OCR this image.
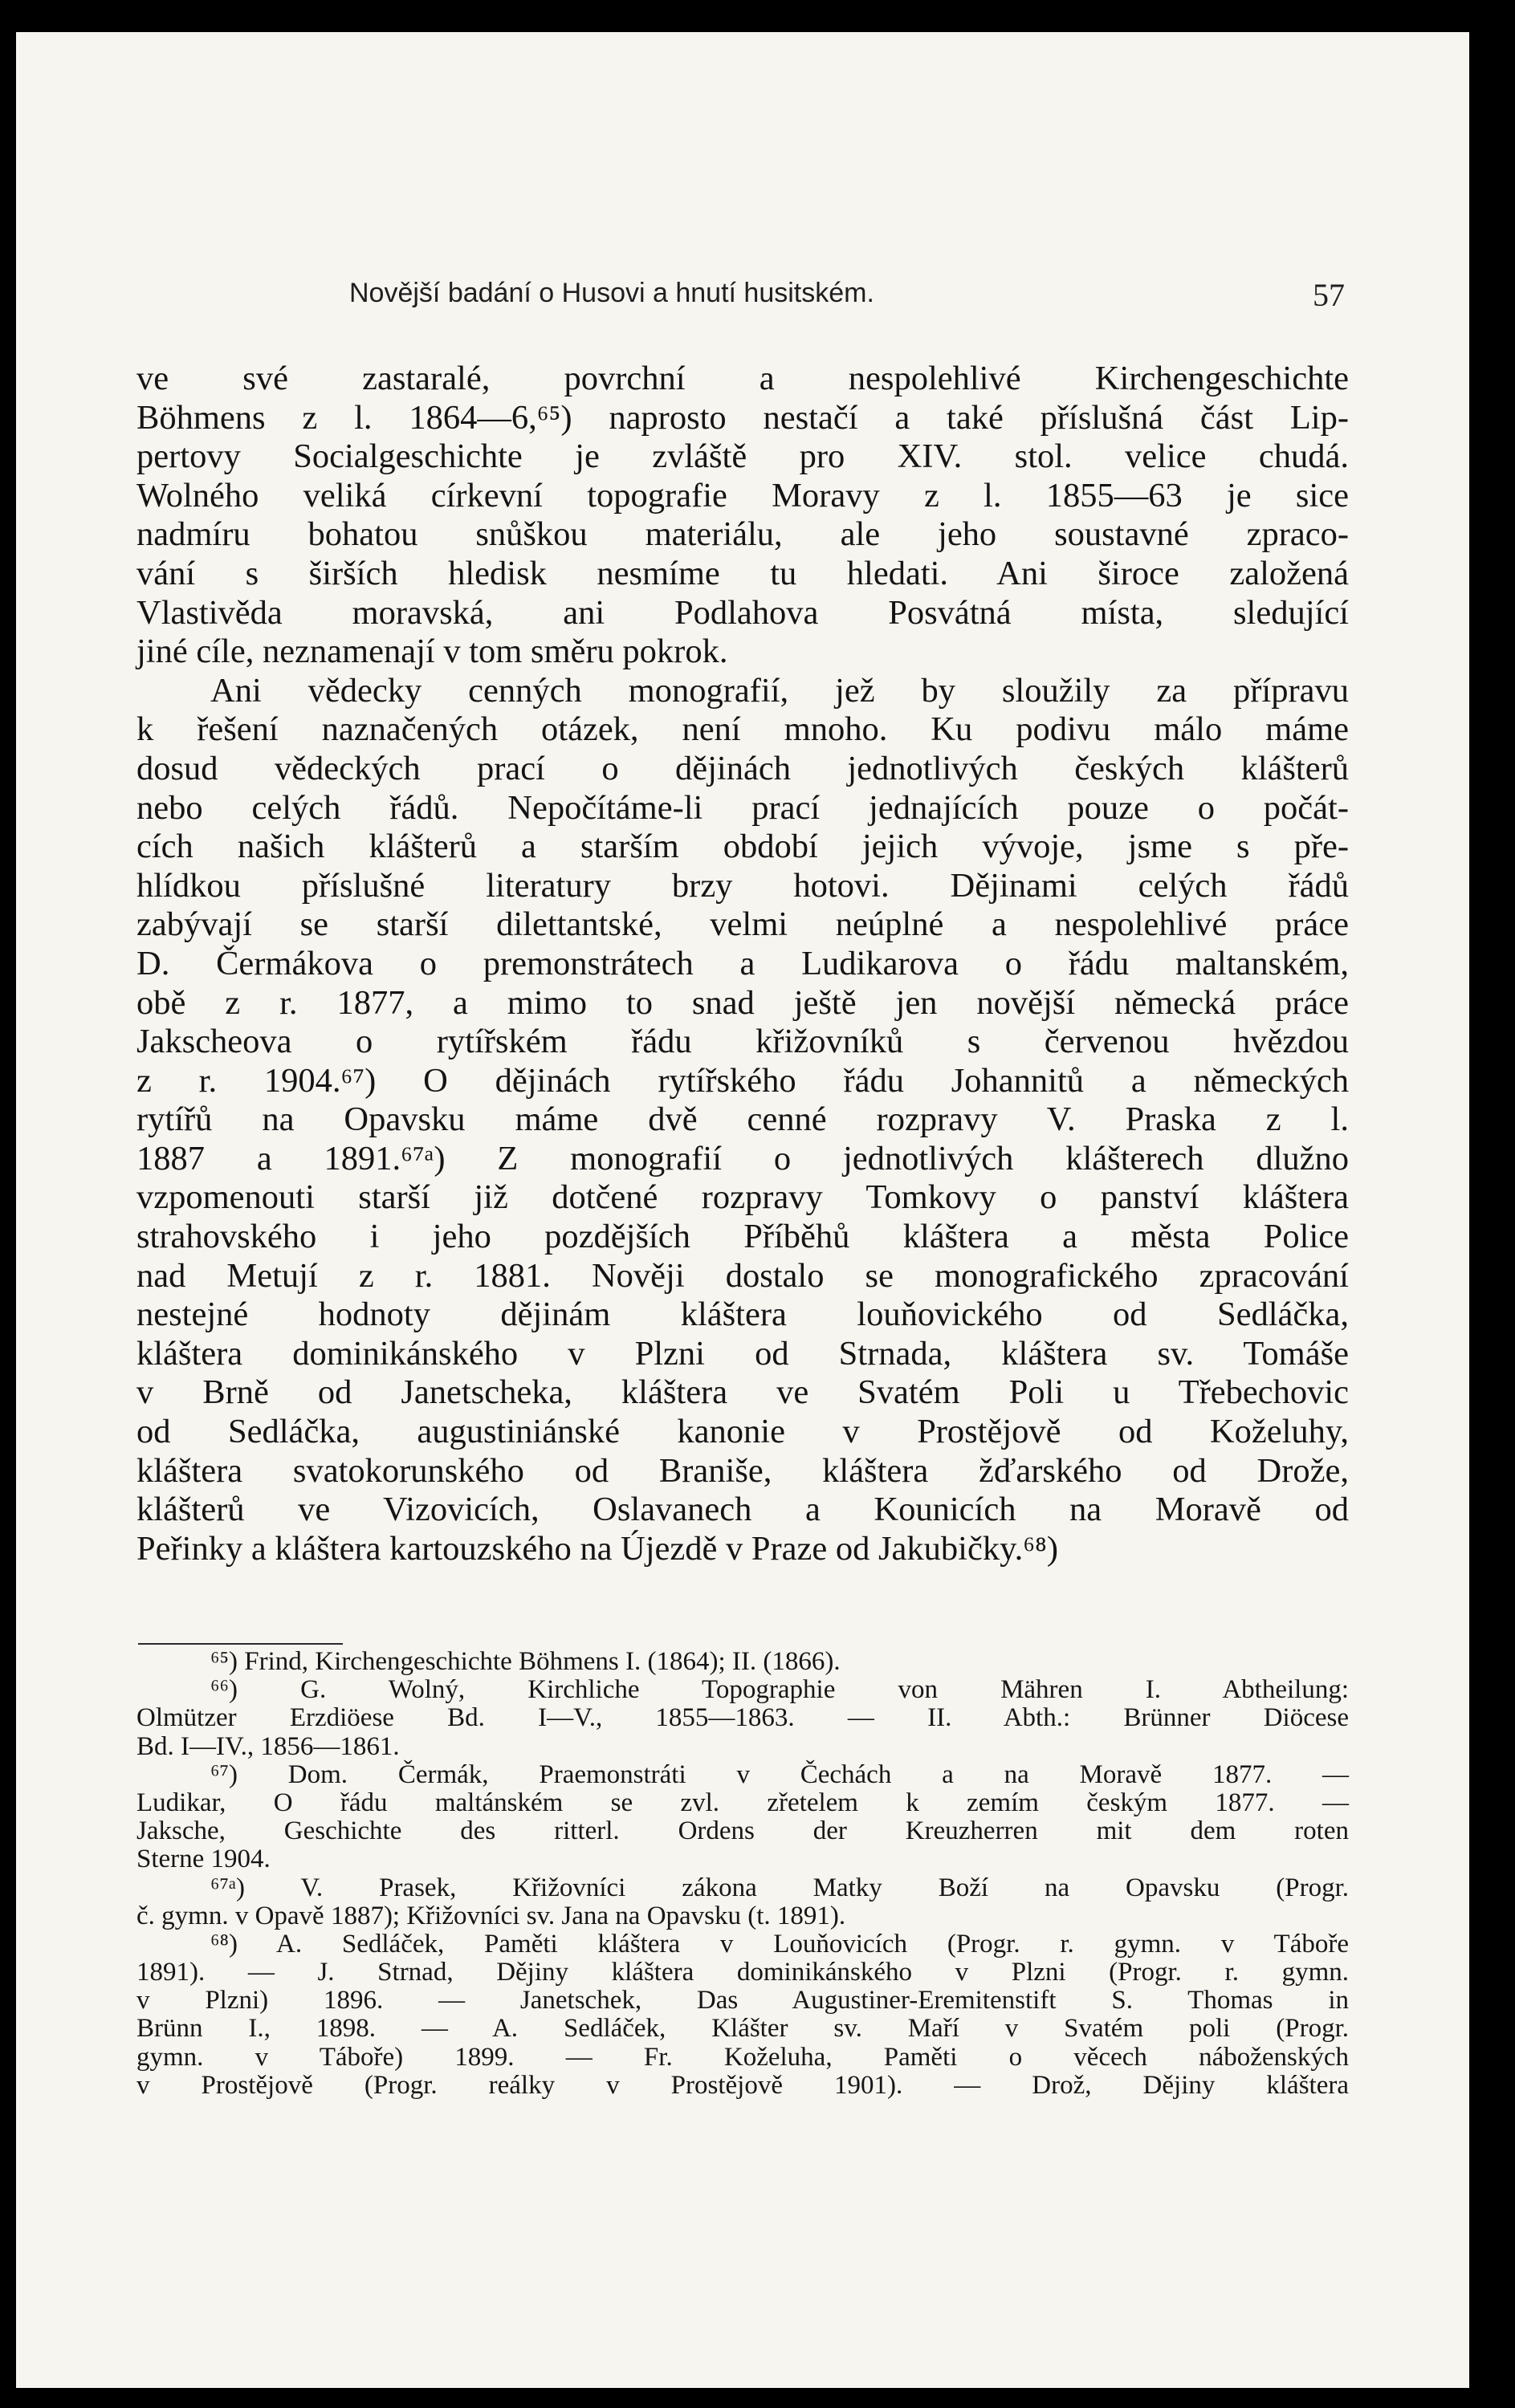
Novější badání o Husovi a hnutí husitském.	57
ve své zastaralé, povrchní a nespolehlivé Kirchengeschichte
Böhmens z l. 1864—6,⁶⁵) naprosto nestačí a také příslušná část Lip-
pertovy Socialgeschichte je zvláště pro XIV. stol. velice chudá.
Wolného veliká církevní topografie Moravy z l. 1855—63 je sice
nadmíru bohatou snůškou materiálu, ale jeho soustavné zpraco-
vání s širších hledisk nesmíme tu hledati. Ani široce založená
Vlastivěda moravská, ani Podlahova Posvátná místa, sledující
jiné cíle, neznamenají v tom směru pokrok.
Ani vědecky cenných monografií, jež by sloužily za přípravu
k řešení naznačených otázek, není mnoho. Ku podivu málo máme
dosud vědeckých prací o dějinách jednotlivých českých klášterů
nebo celých řádů. Nepočítáme-li prací jednajících pouze o počát-
cích našich klášterů a starším období jejich vývoje, jsme s pře-
hlídkou příslušné literatury brzy hotovi. Dějinami celých řádů
zabývají se starší dilettantské, velmi neúplné a nespolehlivé práce
D. Čermákova o premonstrátech a Ludikarova o řádu maltanském,
obě z r. 1877, a mimo to snad ještě jen novější německá práce
Jakscheova o rytířském řádu křižovníků s červenou hvězdou
z r. 1904.⁶⁷) O dějinách rytířského řádu Johannitů a německých
rytířů na Opavsku máme dvě cenné rozpravy V. Praska z l.
1887 a 1891.⁶⁷ᵃ) Z monografií o jednotlivých klášterech dlužno
vzpomenouti starší již dotčené rozpravy Tomkovy o panství kláštera
strahovského i jeho pozdějších Příběhů kláštera a města Police
nad Metují z r. 1881. Nověji dostalo se monografického zpracování
nestejné hodnoty dějinám kláštera louňovického od Sedláčka,
kláštera dominikánského v Plzni od Strnada, kláštera sv. Tomáše
v Brně od Janetscheka, kláštera ve Svatém Poli u Třebechovic
od Sedláčka, augustiniánské kanonie v Prostějově od Koželuhy,
kláštera svatokorunského od Braniše, kláštera žďarského od Drože,
klášterů ve Vizovicích, Oslavanech a Kounicích na Moravě od
Peřinky a kláštera kartouzského na Újezdě v Praze od Jakubičky.⁶⁸)
⁶⁵) Frind, Kirchengeschichte Böhmens I. (1864); II. (1866).
⁶⁶) G. Wolný, Kirchliche Topographie von Mähren I. Abtheilung:
Olmützer Erzdiöese Bd. I—V., 1855—1863. — II. Abth.: Brünner Diöcese
Bd. I—IV., 1856—1861.
⁶⁷) Dom. Čermák, Praemonstráti v Čechách a na Moravě 1877. —
Ludikar, O řádu maltánském se zvl. zřetelem k zemím českým 1877. —
Jaksche, Geschichte des ritterl. Ordens der Kreuzherren mit dem roten
Sterne 1904.
⁶⁷ᵃ) V. Prasek, Křižovníci zákona Matky Boží na Opavsku (Progr.
č. gymn. v Opavě 1887); Křižovníci sv. Jana na Opavsku (t. 1891).
⁶⁸) A. Sedláček, Paměti kláštera v Louňovicích (Progr. r. gymn. v Táboře
1891). — J. Strnad, Dějiny kláštera dominikánského v Plzni (Progr. r. gymn.
v Plzni) 1896. — Janetschek, Das Augustiner-Eremitenstift S. Thomas in
Brünn I., 1898. — A. Sedláček, Klášter sv. Maří v Svatém poli (Progr.
gymn. v Táboře) 1899. — Fr. Koželuha, Paměti o věcech náboženských
v Prostějově (Progr. reálky v Prostějově 1901). — Drož, Dějiny kláštera
